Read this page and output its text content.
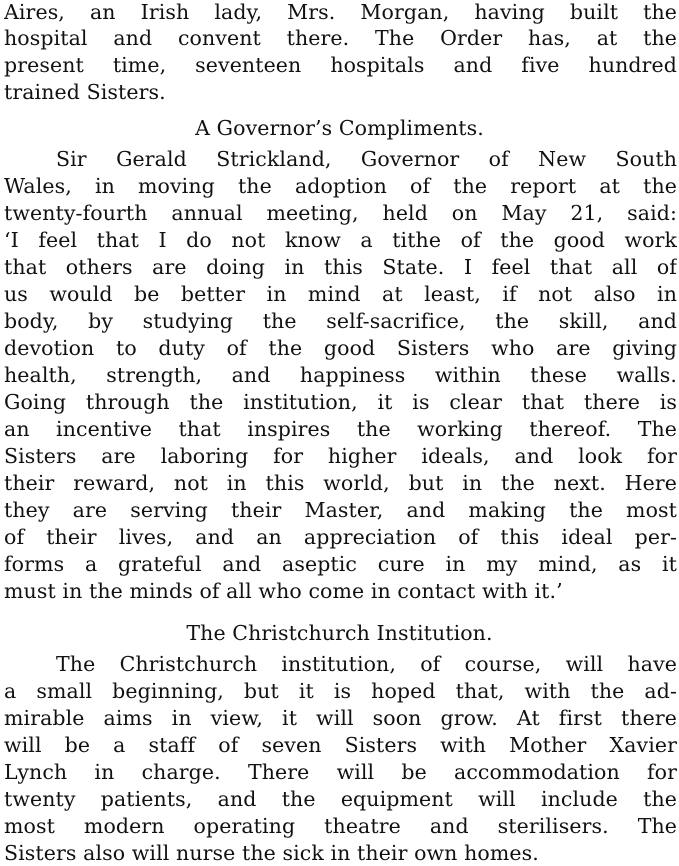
Aires, an Irish lady, Mrs. Morgan, having built the
hospital and convent there. The Order has, at the
present time, seventeen hospitals and five hundred
trained Sisters.
A Governor’s Compliments.
Sir Gerald Strickland, Governor of New South
Wales, in moving the adoption of the report at the
twenty-fourth annual meeting, held on May 21, said:
‘I feel that I do not know a tithe of the good work
that others are doing in this State. I feel that all of
us would be better in mind at least, if not also in
body, by studying the self-sacrifice, the skill, and
devotion to duty of the good Sisters who are giving
health, strength, and happiness within these walls.
Going through the institution, it is clear that there is
an incentive that inspires the working thereof. The
Sisters are laboring for higher ideals, and look for
their reward, not in this world, but in the next. Here
they are serving their Master, and making the most
of their lives, and an appreciation of this ideal per-
forms a grateful and aseptic cure in my mind, as it
must in the minds of all who come in contact with it.’
The Christchurch Institution.
The Christchurch institution, of course, will have
a small beginning, but it is hoped that, with the ad-
mirable aims in view, it will soon grow. At first there
will be a staff of seven Sisters with Mother Xavier
Lynch in charge. There will be accommodation for
twenty patients, and the equipment will include the
most modern operating theatre and sterilisers. The
Sisters also will nurse the sick in their own homes.
